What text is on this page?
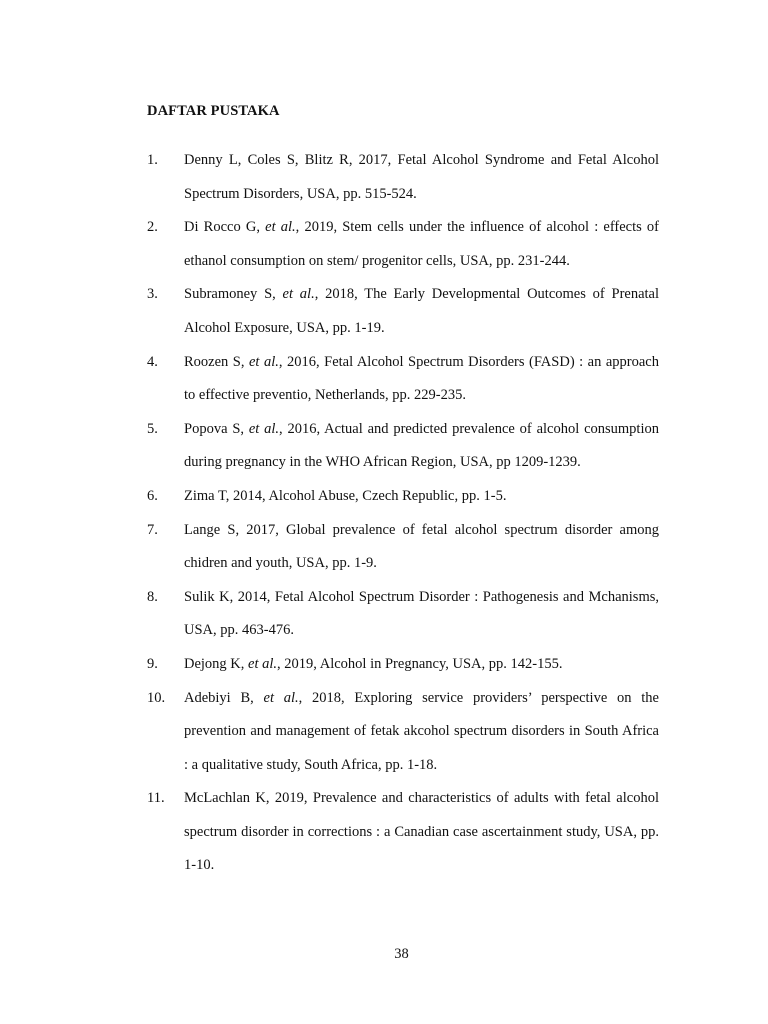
DAFTAR PUSTAKA
1. Denny L, Coles S, Blitz R, 2017, Fetal Alcohol Syndrome and Fetal Alcohol Spectrum Disorders, USA, pp. 515-524.
2. Di Rocco G, et al., 2019, Stem cells under the influence of alcohol : effects of ethanol consumption on stem/ progenitor cells, USA, pp. 231-244.
3. Subramoney S, et al., 2018, The Early Developmental Outcomes of Prenatal Alcohol Exposure, USA, pp. 1-19.
4. Roozen S, et al., 2016, Fetal Alcohol Spectrum Disorders (FASD) : an approach to effective preventio, Netherlands, pp. 229-235.
5. Popova S, et al., 2016, Actual and predicted prevalence of alcohol consumption during pregnancy in the WHO African Region, USA, pp 1209-1239.
6. Zima T, 2014, Alcohol Abuse, Czech Republic, pp. 1-5.
7. Lange S, 2017, Global prevalence of fetal alcohol spectrum disorder among chidren and youth, USA, pp. 1-9.
8. Sulik K, 2014, Fetal Alcohol Spectrum Disorder : Pathogenesis and Mchanisms, USA, pp. 463-476.
9. Dejong K, et al., 2019, Alcohol in Pregnancy, USA, pp. 142-155.
10. Adebiyi B, et al., 2018, Exploring service providers’ perspective on the prevention and management of fetak akcohol spectrum disorders in South Africa : a qualitative study, South Africa, pp. 1-18.
11. McLachlan K, 2019, Prevalence and characteristics of adults with fetal alcohol spectrum disorder in corrections : a Canadian case ascertainment study, USA, pp. 1-10.
38
